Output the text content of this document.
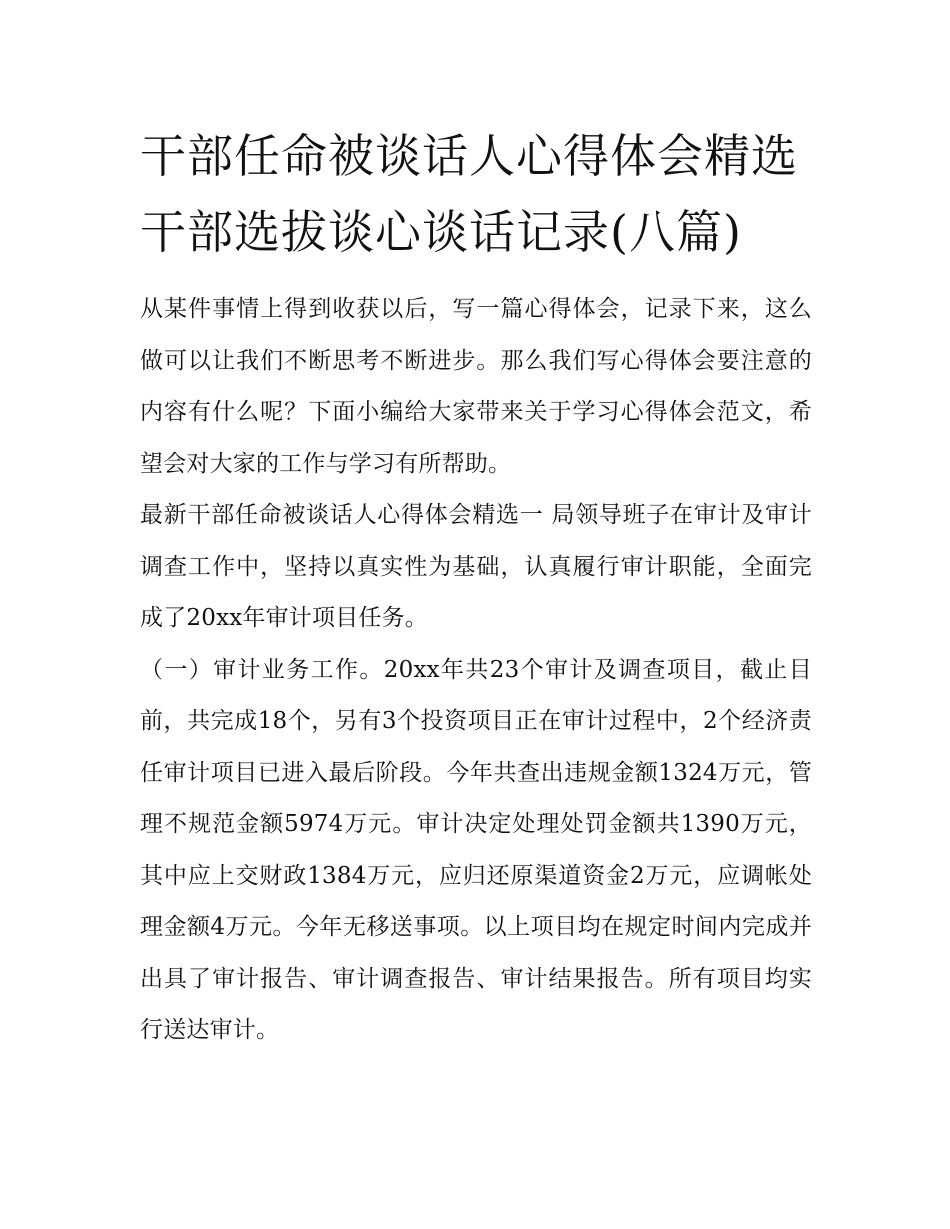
干部任命被谈话人心得体会精选 干部选拔谈心谈话记录(八篇)

从某件事情上得到收获以后，写一篇心得体会，记录下来，这么做可以让我们不断思考不断进步。那么我们写心得体会要注意的内容有什么呢？下面小编给大家带来关于学习心得体会范文，希望会对大家的工作与学习有所帮助。

最新干部任命被谈话人心得体会精选一 局领导班子在审计及审计调查工作中，坚持以真实性为基础，认真履行审计职能，全面完成了20xx年审计项目任务。

（一）审计业务工作。20xx年共23个审计及调查项目，截止目前，共完成18个，另有3个投资项目正在审计过程中，2个经济责任审计项目已进入最后阶段。今年共查出违规金额1324万元，管理不规范金额5974万元。审计决定处理处罚金额共1390万元，其中应上交财政1384万元，应归还原渠道资金2万元，应调帐处理金额4万元。今年无移送事项。以上项目均在规定时间内完成并出具了审计报告、审计调查报告、审计结果报告。所有项目均实行送达审计。
